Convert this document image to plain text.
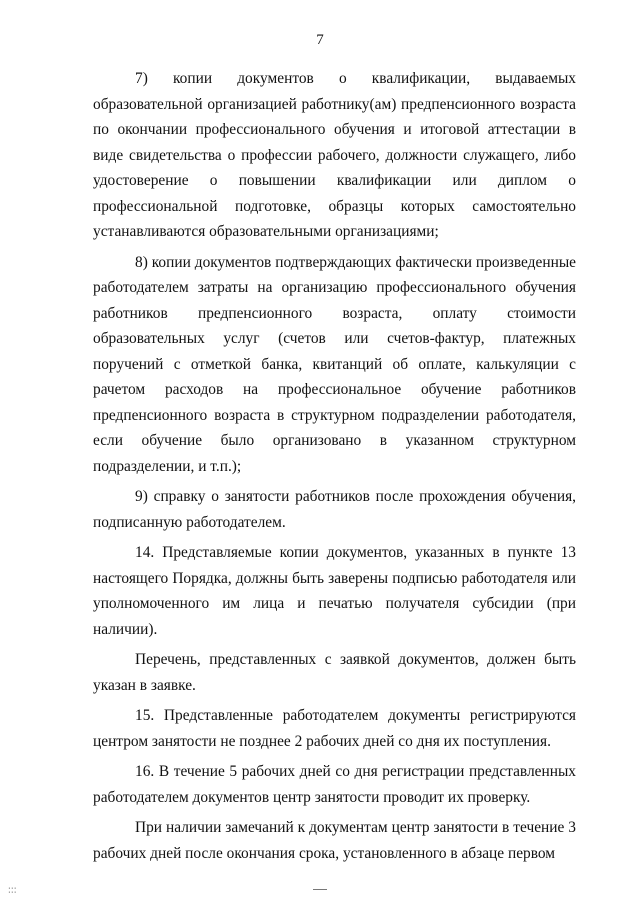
7

7) копии документов о квалификации, выдаваемых образовательной организацией работнику(ам) предпенсионного возраста по окончании профессионального обучения и итоговой аттестации в виде свидетельства о профессии рабочего, должности служащего, либо удостоверение о повышении квалификации или диплом о профессиональной подготовке, образцы которых самостоятельно устанавливаются образовательными организациями;

8) копии документов подтверждающих фактически произведенные работодателем затраты на организацию профессионального обучения работников предпенсионного возраста, оплату стоимости образовательных услуг (счетов или счетов-фактур, платежных поручений с отметкой банка, квитанций об оплате, калькуляции с рачетом расходов на профессиональное обучение работников предпенсионного возраста в структурном подразделении работодателя, если обучение было организовано в указанном структурном подразделении, и т.п.);

9) справку о занятости работников после прохождения обучения, подписанную работодателем.

14. Представляемые копии документов, указанных в пункте 13 настоящего Порядка, должны быть заверены подписью работодателя или уполномоченного им лица и печатью получателя субсидии (при наличии).

Перечень, представленных с заявкой документов, должен быть указан в заявке.

15. Представленные работодателем документы регистрируются центром занятости не позднее 2 рабочих дней со дня их поступления.

16. В течение 5 рабочих дней со дня регистрации представленных работодателем документов центр занятости проводит их проверку.

При наличии замечаний к документам центр занятости в течение 3 рабочих дней после окончания срока, установленного в абзаце первом

∶∶∶
